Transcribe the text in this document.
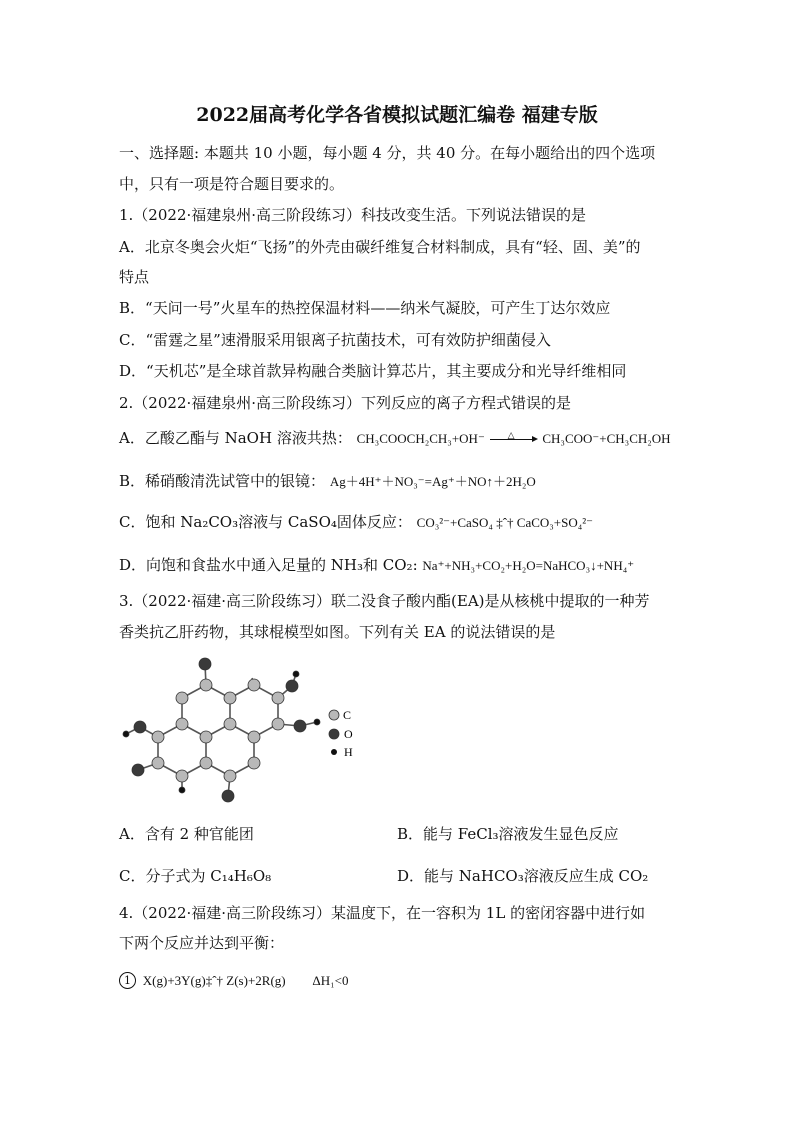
2022届高考化学各省模拟试题汇编卷 福建专版
一、选择题: 本题共 10 小题，每小题 4 分，共 40 分。在每小题给出的四个选项
中，只有一项是符合题目要求的。
1.（2022·福建泉州·高三阶段练习）科技改变生活。下列说法错误的是
A．北京冬奥会火炬“飞扬”的外壳由碳纤维复合材料制成，具有“轻、固、美”的
特点
B．“天问一号”火星车的热控保温材料——纳米气凝胶，可产生丁达尔效应
C．“雷霆之星”速滑服采用银离子抗菌技术，可有效防护细菌侵入
D．“天机芯”是全球首款异构融合类脑计算芯片，其主要成分和光导纤维相同
2.（2022·福建泉州·高三阶段练习）下列反应的离子方程式错误的是
A．乙酸乙酯与 NaOH 溶液共热： CH₃COOCH₂CH₃+OH⁻	△ CH₃COO⁻+CH₃CH₂OH
B．稀硝酸清洗试管中的银镜： Ag＋4H⁺＋NO₃⁻=Ag⁺＋NO↑＋2H₂O
C．饱和 Na₂CO₃溶液与 CaSO₄固体反应： CO₃²⁻+CaSO₄ ‡ˆ† CaCO₃+SO₄²⁻
D．向饱和食盐水中通入足量的 NH₃和 CO₂: Na⁺+NH₃+CO₂+H₂O=NaHCO₃↓+NH₄⁺
3.（2022·福建·高三阶段练习）联二没食子酸内酯(EA)是从核桃中提取的一种芳
香类抗乙肝药物，其球棍模型如图。下列有关 EA 的说法错误的是
C
O
H
A．含有 2 种官能团	B．能与 FeCl₃溶液发生显色反应
C．分子式为 C₁₄H₆O₈	D．能与 NaHCO₃溶液反应生成 CO₂
4.（2022·福建·高三阶段练习）某温度下，在一容积为 1L 的密闭容器中进行如
下两个反应并达到平衡：
1 X(g)+3Y(g)‡ˆ† Z(s)+2R(g) ΔH₁<0
